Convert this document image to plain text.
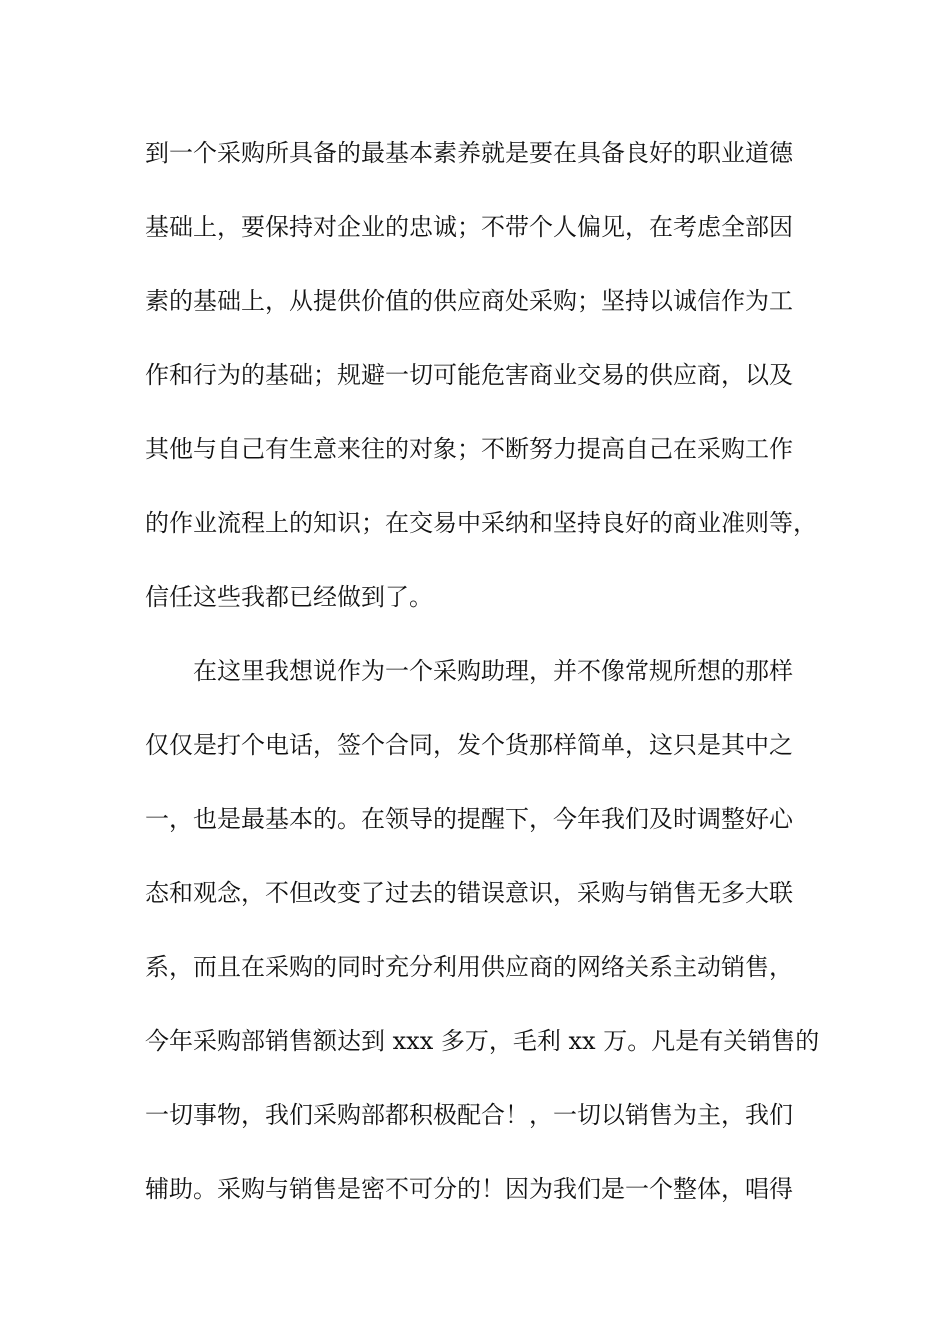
到一个采购所具备的最基本素养就是要在具备良好的职业道德
基础上，要保持对企业的忠诚；不带个人偏见，在考虑全部因
素的基础上，从提供价值的供应商处采购；坚持以诚信作为工
作和行为的基础；规避一切可能危害商业交易的供应商，以及
其他与自己有生意来往的对象；不断努力提高自己在采购工作
的作业流程上的知识；在交易中采纳和坚持良好的商业准则等，
信任这些我都已经做到了。
在这里我想说作为一个采购助理，并不像常规所想的那样
仅仅是打个电话，签个合同，发个货那样简单，这只是其中之
一，也是最基本的。在领导的提醒下，今年我们及时调整好心
态和观念，不但改变了过去的错误意识，采购与销售无多大联
系，而且在采购的同时充分利用供应商的网络关系主动销售，
今年采购部销售额达到 xxx 多万，毛利 xx 万。凡是有关销售的
一切事物，我们采购部都积极配合！，一切以销售为主，我们
辅助。采购与销售是密不可分的！因为我们是一个整体，唱得
